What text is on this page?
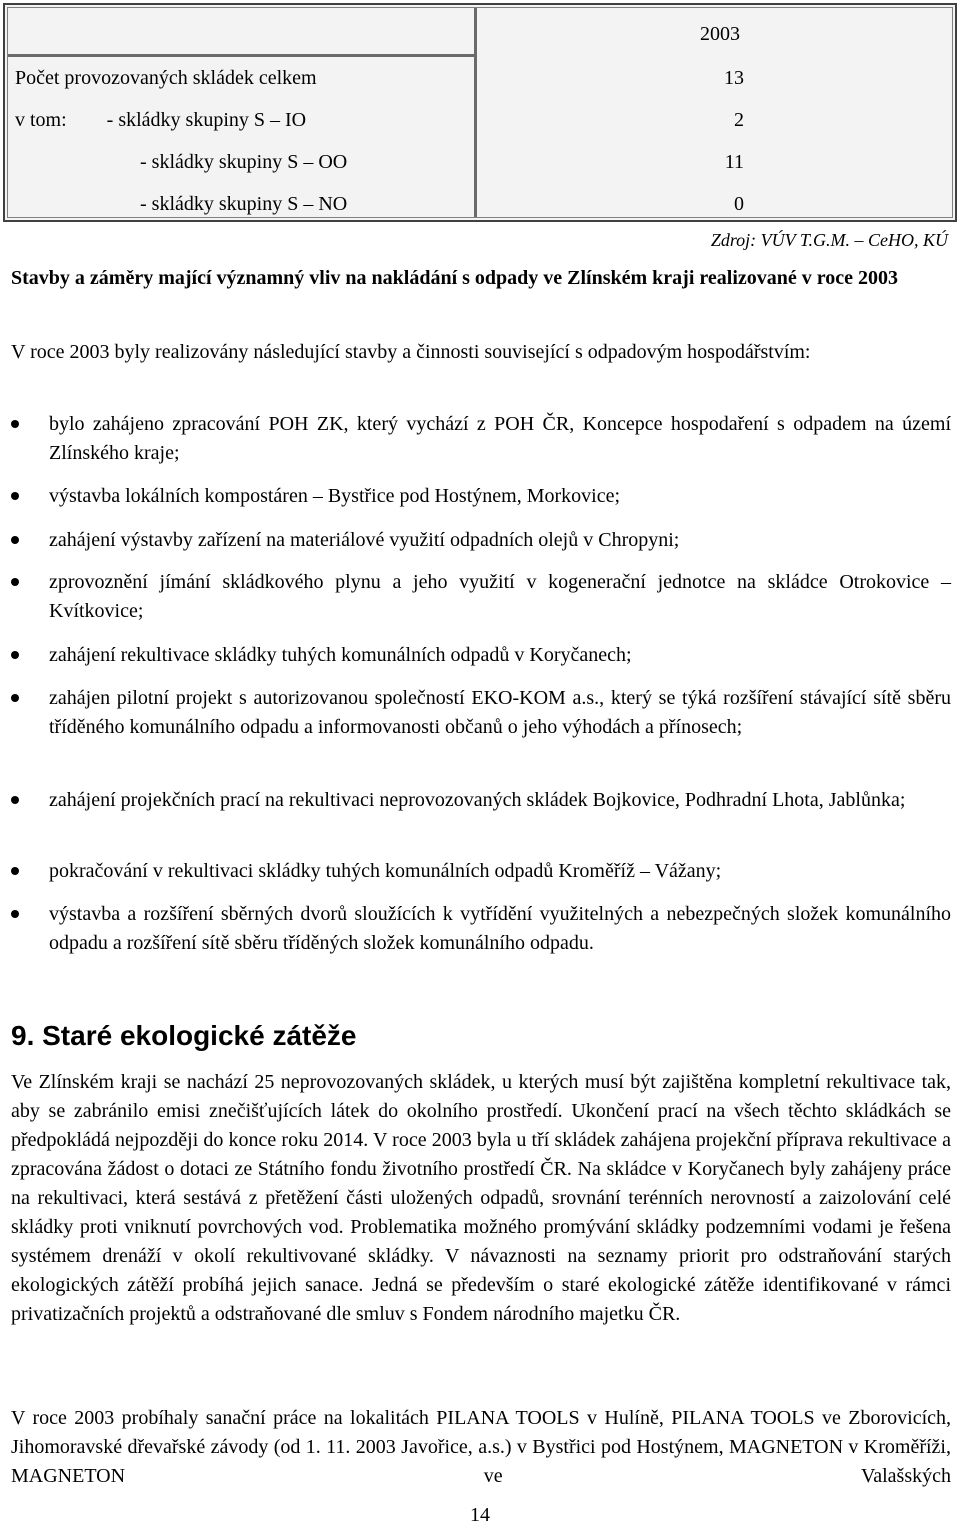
2003
Počet provozovaných skládek celkem	13
v tom:        - skládky skupiny S – IO	2
- skládky skupiny S – OO	11
- skládky skupiny S – NO	0
Zdroj: VÚV T.G.M. – CeHO, KÚ
Stavby a záměry mající významný vliv na nakládání s odpady ve Zlínském kraji realizované v roce 2003
V roce 2003 byly realizovány následující stavby a činnosti související s odpadovým hospodářstvím:
bylo zahájeno zpracování POH ZK, který vychází z POH ČR, Koncepce hospodaření s odpadem na území Zlínského kraje;
výstavba lokálních kompostáren – Bystřice pod Hostýnem, Morkovice;
zahájení výstavby zařízení na materiálové využití odpadních olejů v Chropyni;
zprovoznění jímání skládkového plynu a jeho využití v kogenerační jednotce na skládce Otrokovice – Kvítkovice;
zahájení rekultivace skládky tuhých komunálních odpadů v Koryčanech;
zahájen pilotní projekt s autorizovanou společností EKO-KOM a.s., který se týká rozšíření stávající sítě sběru tříděného komunálního odpadu a informovanosti občanů o jeho výhodách a přínosech;
zahájení projekčních prací na rekultivaci neprovozovaných skládek Bojkovice, Podhradní Lhota, Jablůnka;
pokračování v rekultivaci skládky tuhých komunálních odpadů Kroměříž – Vážany;
výstavba a rozšíření sběrných dvorů sloužících k vytřídění využitelných a nebezpečných složek komunálního odpadu a rozšíření sítě sběru tříděných složek komunálního odpadu.
9. Staré ekologické zátěže
Ve Zlínském kraji se nachází 25 neprovozovaných skládek, u kterých musí být zajištěna kompletní rekultivace tak, aby se zabránilo emisi znečišťujících látek do okolního prostředí. Ukončení prací na všech těchto skládkách se předpokládá nejpozději do konce roku 2014. V roce 2003 byla u tří skládek zahájena projekční příprava rekultivace a zpracována žádost o dotaci ze Státního fondu životního prostředí ČR. Na skládce v Koryčanech byly zahájeny práce na rekultivaci, která sestává z přetěžení části uložených odpadů, srovnání terénních nerovností a zaizolování celé skládky proti vniknutí povrchových vod. Problematika možného promývání skládky podzemními vodami je řešena systémem drenáží v okolí rekultivované skládky. V návaznosti na seznamy priorit pro odstraňování starých ekologických zátěží probíhá jejich sanace. Jedná se především o staré ekologické zátěže identifikované v rámci privatizačních projektů a odstraňované dle smluv s Fondem národního majetku ČR.
V roce 2003 probíhaly sanační práce na lokalitách PILANA TOOLS v Hulíně, PILANA TOOLS ve Zborovicích, Jihomoravské dřevařské závody (od 1. 11. 2003 Javořice, a.s.) v Bystřici pod Hostýnem, MAGNETON v Kroměříži, MAGNETON ve Valašských
14
